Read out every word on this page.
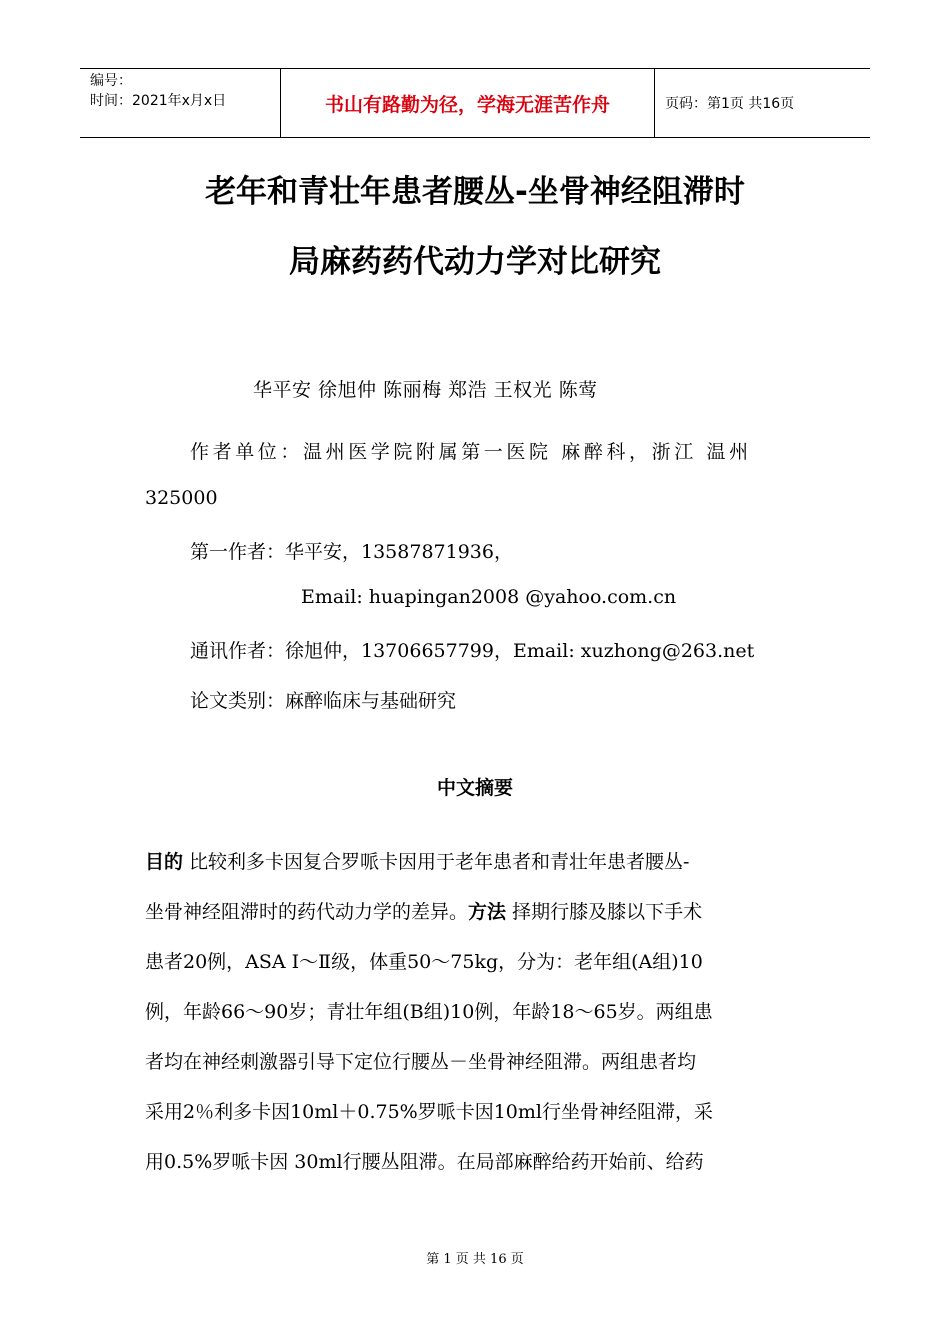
编号：
时间：2021年x月x日	书山有路勤为径，学海无涯苦作舟	页码：第1页 共16页
老年和青壮年患者腰丛-坐骨神经阻滞时
局麻药药代动力学对比研究
华平安 徐旭仲 陈丽梅 郑浩 王权光 陈莺
作者单位：温州医学院附属第一医院 麻醉科，浙江 温州
325000
第一作者：华平安，13587871936，
Email: huapingan2008 @yahoo.com.cn
通讯作者：徐旭仲，13706657799，Email: xuzhong@263.net
论文类别：麻醉临床与基础研究
中文摘要
目的 比较利多卡因复合罗哌卡因用于老年患者和青壮年患者腰丛-
坐骨神经阻滞时的药代动力学的差异。方法 择期行膝及膝以下手术
患者20例，ASA Ⅰ～Ⅱ级，体重50～75kg，分为：老年组(A组)10
例，年龄66～90岁；青壮年组(B组)10例，年龄18～65岁。两组患
者均在神经刺激器引导下定位行腰丛－坐骨神经阻滞。两组患者均
采用2％利多卡因10ml＋0.75%罗哌卡因10ml行坐骨神经阻滞，采
用0.5%罗哌卡因 30ml行腰丛阻滞。在局部麻醉给药开始前、给药
第 1 页 共 16 页
